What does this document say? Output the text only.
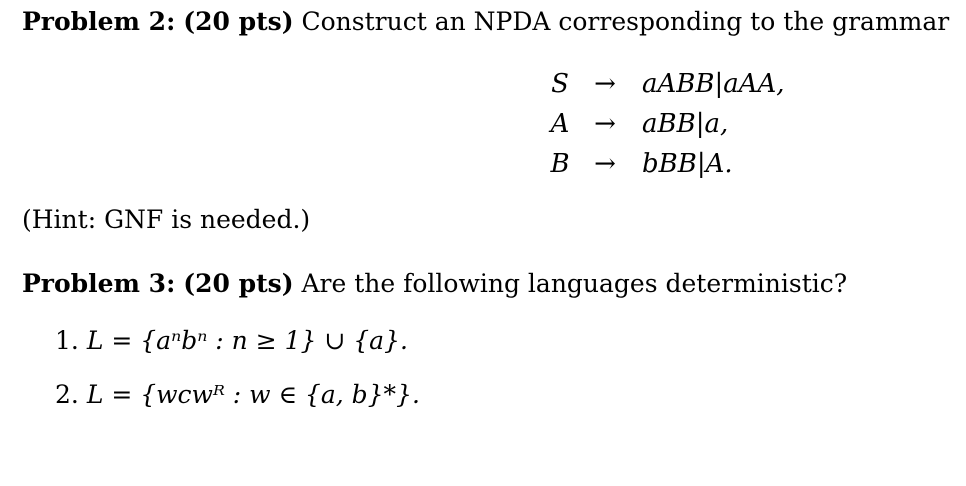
Problem 2: (20 pts) Construct an NPDA corresponding to the grammar
S →	aABB|aAA,
A →	aBB|a,
B →	bBB|A.
(Hint: GNF is needed.)
Problem 3: (20 pts) Are the following languages deterministic?
1. L = {aⁿbⁿ : n ≥ 1} ∪ {a}.
2. L = {wcwᴿ : w ∈ {a, b}*}.
